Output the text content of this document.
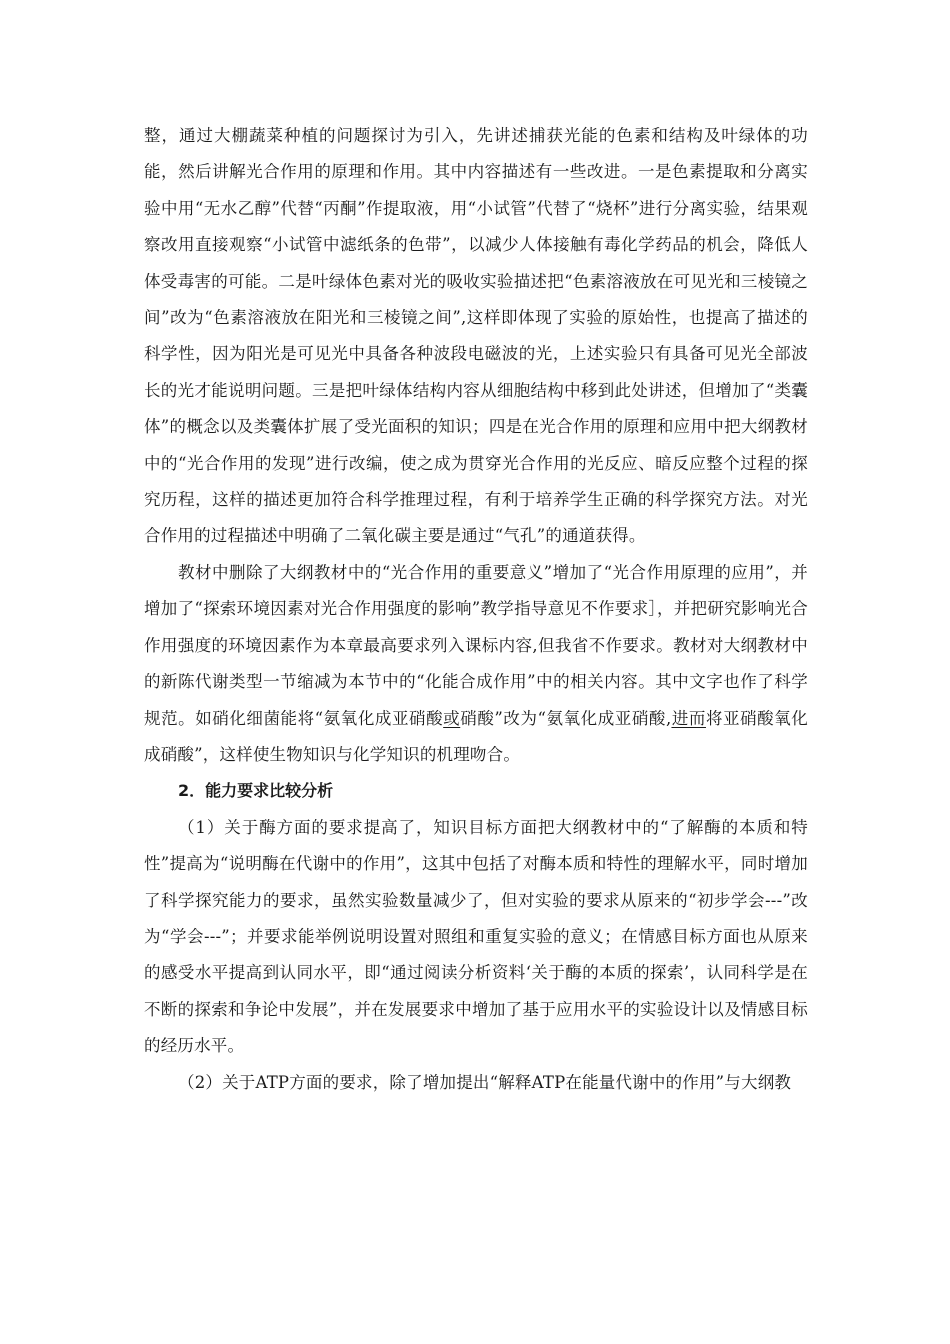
整，通过大棚蔬菜种植的问题探讨为引入，先讲述捕获光能的色素和结构及叶绿体的功能，然后讲解光合作用的原理和作用。其中内容描述有一些改进。一是色素提取和分离实验中用“无水乙醇”代替“丙酮”作提取液，用“小试管”代替了“烧杯”进行分离实验，结果观察改用直接观察“小试管中滤纸条的色带”，以减少人体接触有毒化学药品的机会，降低人体受毒害的可能。二是叶绿体色素对光的吸收实验描述把“色素溶液放在可见光和三棱镜之间”改为“色素溶液放在阳光和三棱镜之间”,这样即体现了实验的原始性，也提高了描述的科学性，因为阳光是可见光中具备各种波段电磁波的光，上述实验只有具备可见光全部波长的光才能说明问题。三是把叶绿体结构内容从细胞结构中移到此处讲述，但增加了“类囊体”的概念以及类囊体扩展了受光面积的知识；四是在光合作用的原理和应用中把大纲教材中的“光合作用的发现”进行改编，使之成为贯穿光合作用的光反应、暗反应整个过程的探究历程，这样的描述更加符合科学推理过程，有利于培养学生正确的科学探究方法。对光合作用的过程描述中明确了二氧化碳主要是通过“气孔”的通道获得。

教材中删除了大纲教材中的“光合作用的重要意义”增加了“光合作用原理的应用”，并增加了“探索环境因素对光合作用强度的影响”教学指导意见不作要求］，并把研究影响光合作用强度的环境因素作为本章最高要求列入课标内容,但我省不作要求。教材对大纲教材中的新陈代谢类型一节缩减为本节中的“化能合成作用”中的相关内容。其中文字也作了科学规范。如硝化细菌能将“氨氧化成亚硝酸或硝酸”改为“氨氧化成亚硝酸,进而将亚硝酸氧化成硝酸”，这样使生物知识与化学知识的机理吻合。

2．能力要求比较分析

（1）关于酶方面的要求提高了，知识目标方面把大纲教材中的“了解酶的本质和特性”提高为“说明酶在代谢中的作用”，这其中包括了对酶本质和特性的理解水平，同时增加了科学探究能力的要求，虽然实验数量减少了，但对实验的要求从原来的“初步学会---”改为“学会---”；并要求能举例说明设置对照组和重复实验的意义；在情感目标方面也从原来的感受水平提高到认同水平，即“通过阅读分析资料‘关于酶的本质的探索’，认同科学是在不断的探索和争论中发展”，并在发展要求中增加了基于应用水平的实验设计以及情感目标的经历水平。

（2）关于ATP方面的要求，除了增加提出“解释ATP在能量代谢中的作用”与大纲教
